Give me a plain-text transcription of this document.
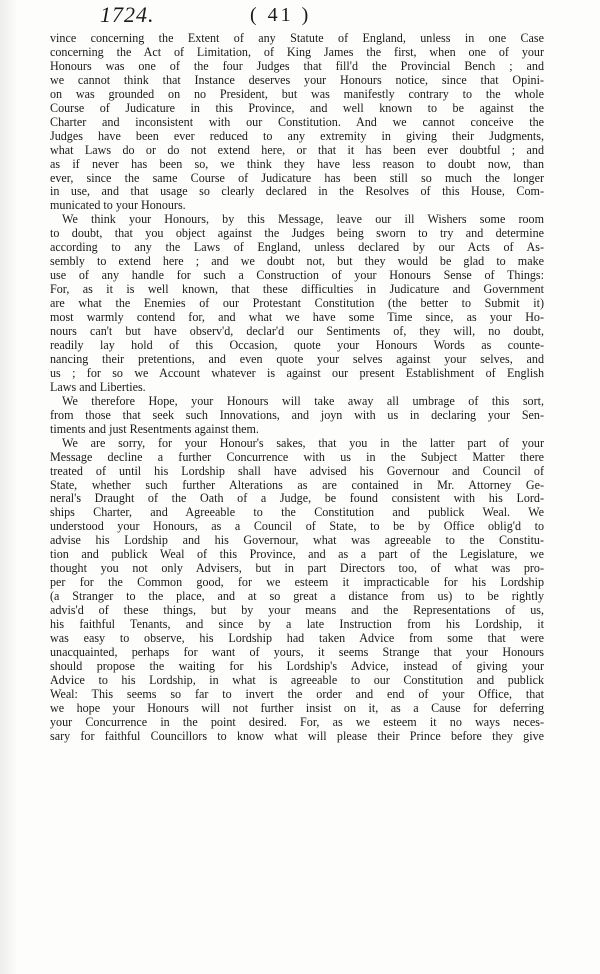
1724.	( 41 )
vince concerning the Extent of any Statute of England, unless in one Case
concerning the Act of Limitation, of King James the first, when one of your
Honours was one of the four Judges that fill'd the Provincial Bench ; and
we cannot think that Instance deserves your Honours notice, since that Opini-
on was grounded on no President, but was manifestly contrary to the whole
Course of Judicature in this Province, and well known to be against the
Charter and inconsistent with our Constitution. And we cannot conceive the
Judges have been ever reduced to any extremity in giving their Judgments,
what Laws do or do not extend here, or that it has been ever doubtful ; and
as if never has been so, we think they have less reason to doubt now, than
ever, since the same Course of Judicature has been still so much the longer
in use, and that usage so clearly declared in the Resolves of this House, Com-
municated to your Honours.
We think your Honours, by this Message, leave our ill Wishers some room
to doubt, that you object against the Judges being sworn to try and determine
according to any the Laws of England, unless declared by our Acts of As-
sembly to extend here ; and we doubt not, but they would be glad to make
use of any handle for such a Construction of your Honours Sense of Things:
For, as it is well known, that these difficulties in Judicature and Government
are what the Enemies of our Protestant Constitution (the better to Submit it)
most warmly contend for, and what we have some Time since, as your Ho-
nours can't but have observ'd, declar'd our Sentiments of, they will, no doubt,
readily lay hold of this Occasion, quote your Honours Words as counte-
nancing their pretentions, and even quote your selves against your selves, and
us ; for so we Account whatever is against our present Establishment of English
Laws and Liberties.
We therefore Hope, your Honours will take away all umbrage of this sort,
from those that seek such Innovations, and joyn with us in declaring your Sen-
timents and just Resentments against them.
We are sorry, for your Honour's sakes, that you in the latter part of your
Message decline a further Concurrence with us in the Subject Matter there
treated of until his Lordship shall have advised his Governour and Council of
State, whether such further Alterations as are contained in Mr. Attorney Ge-
neral's Draught of the Oath of a Judge, be found consistent with his Lord-
ships Charter, and Agreeable to the Constitution and publick Weal. We
understood your Honours, as a Council of State, to be by Office oblig'd to
advise his Lordship and his Governour, what was agreeable to the Constitu-
tion and publick Weal of this Province, and as a part of the Legislature, we
thought you not only Advisers, but in part Directors too, of what was pro-
per for the Common good, for we esteem it impracticable for his Lordship
(a Stranger to the place, and at so great a distance from us) to be rightly
advis'd of these things, but by your means and the Representations of us,
his faithful Tenants, and since by a late Instruction from his Lordship, it
was easy to observe, his Lordship had taken Advice from some that were
unacquainted, perhaps for want of yours, it seems Strange that your Honours
should propose the waiting for his Lordship's Advice, instead of giving your
Advice to his Lordship, in what is agreeable to our Constitution and publick
Weal: This seems so far to invert the order and end of your Office, that
we hope your Honours will not further insist on it, as a Cause for deferring
your Concurrence in the point desired. For, as we esteem it no ways neces-
sary for faithful Councillors to know what will please their Prince before they give
